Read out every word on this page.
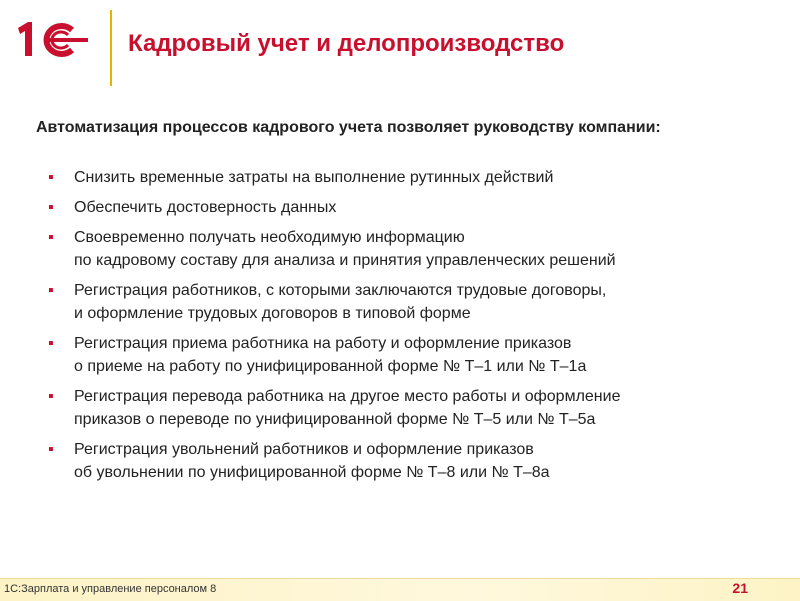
Кадровый учет и делопроизводство

Автоматизация процессов кадрового учета позволяет руководству компании:

▪ Снизить временные затраты на выполнение рутинных действий
▪ Обеспечить достоверность данных
▪ Своевременно получать необходимую информацию
по кадровому составу для анализа и принятия управленческих решений
▪ Регистрация работников, с которыми заключаются трудовые договоры,
и оформление трудовых договоров в типовой форме
▪ Регистрация приема работника на работу и оформление приказов
о приеме на работу по унифицированной форме № Т–1 или № Т–1а
▪ Регистрация перевода работника на другое место работы и оформление
приказов о переводе по унифицированной форме № Т–5 или № Т–5а
▪ Регистрация увольнений работников и оформление приказов
об увольнении по унифицированной форме № Т–8 или № Т–8а
1С:Зарплата и управление персоналом 8	21
